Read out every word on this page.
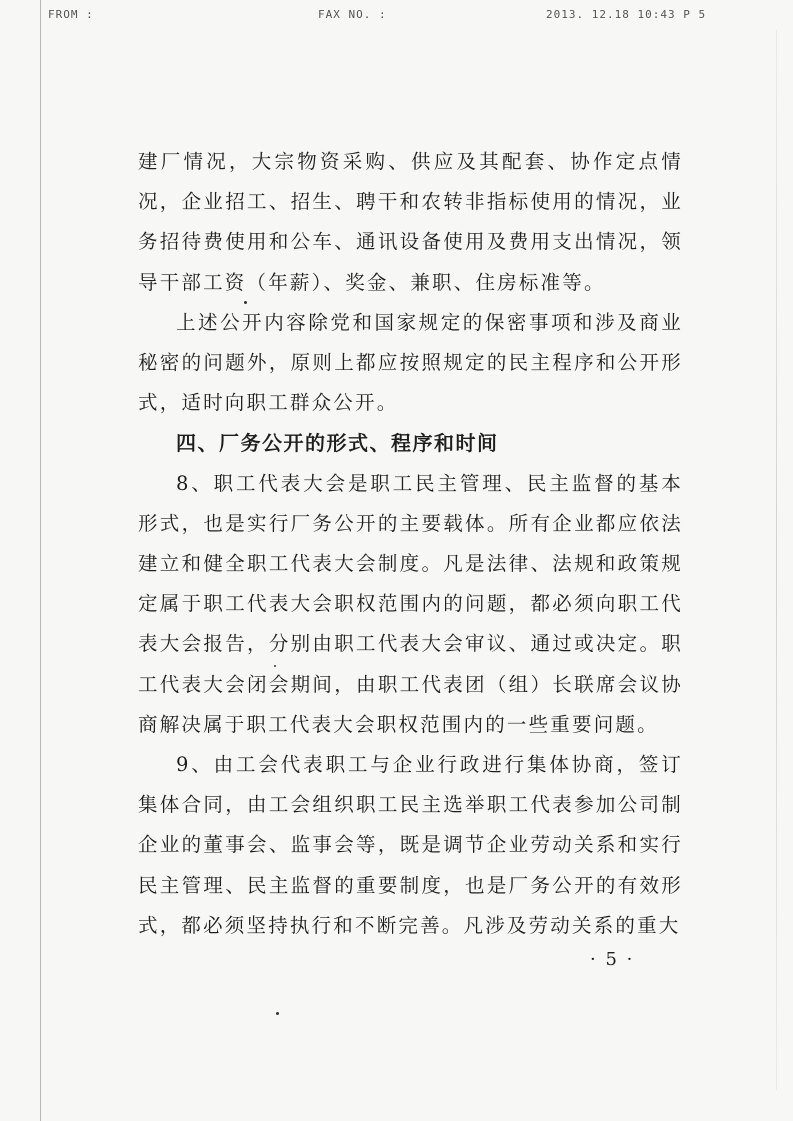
FROM :	FAX NO. :	2013. 12.18 10:43 P 5

建厂情况，大宗物资采购、供应及其配套、协作定点情况，企业招工、招生、聘干和农转非指标使用的情况，业务招待费使用和公车、通讯设备使用及费用支出情况，领导干部工资（年薪）、奖金、兼职、住房标准等。

上述公开内容除党和国家规定的保密事项和涉及商业秘密的问题外，原则上都应按照规定的民主程序和公开形式，适时向职工群众公开。

四、厂务公开的形式、程序和时间

8、职工代表大会是职工民主管理、民主监督的基本形式，也是实行厂务公开的主要载体。所有企业都应依法建立和健全职工代表大会制度。凡是法律、法规和政策规定属于职工代表大会职权范围内的问题，都必须向职工代表大会报告，分别由职工代表大会审议、通过或决定。职工代表大会闭会期间，由职工代表团（组）长联席会议协商解决属于职工代表大会职权范围内的一些重要问题。

9、由工会代表职工与企业行政进行集体协商，签订集体合同，由工会组织职工民主选举职工代表参加公司制企业的董事会、监事会等，既是调节企业劳动关系和实行民主管理、民主监督的重要制度，也是厂务公开的有效形式，都必须坚持执行和不断完善。凡涉及劳动关系的重大

· 5 ·
